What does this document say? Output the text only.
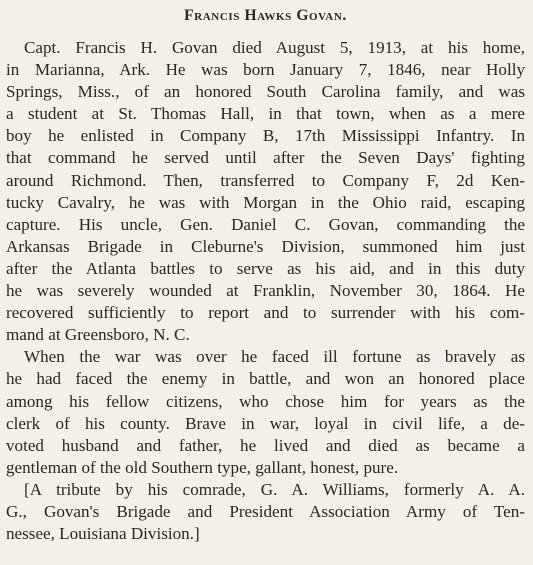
Francis Hawks Govan.

Capt. Francis H. Govan died August 5, 1913, at his home,
in Marianna, Ark. He was born January 7, 1846, near Holly
Springs, Miss., of an honored South Carolina family, and was
a student at St. Thomas Hall, in that town, when as a mere
boy he enlisted in Company B, 17th Mississippi Infantry. In
that command he served until after the Seven Days' fighting
around Richmond. Then, transferred to Company F, 2d Ken-
tucky Cavalry, he was with Morgan in the Ohio raid, escaping
capture. His uncle, Gen. Daniel C. Govan, commanding the
Arkansas Brigade in Cleburne's Division, summoned him just
after the Atlanta battles to serve as his aid, and in this duty
he was severely wounded at Franklin, November 30, 1864. He
recovered sufficiently to report and to surrender with his com-
mand at Greensboro, N. C.

When the war was over he faced ill fortune as bravely as
he had faced the enemy in battle, and won an honored place
among his fellow citizens, who chose him for years as the
clerk of his county. Brave in war, loyal in civil life, a de-
voted husband and father, he lived and died as became a
gentleman of the old Southern type, gallant, honest, pure.

[A tribute by his comrade, G. A. Williams, formerly A. A.
G., Govan's Brigade and President Association Army of Ten-
nessee, Louisiana Division.]
